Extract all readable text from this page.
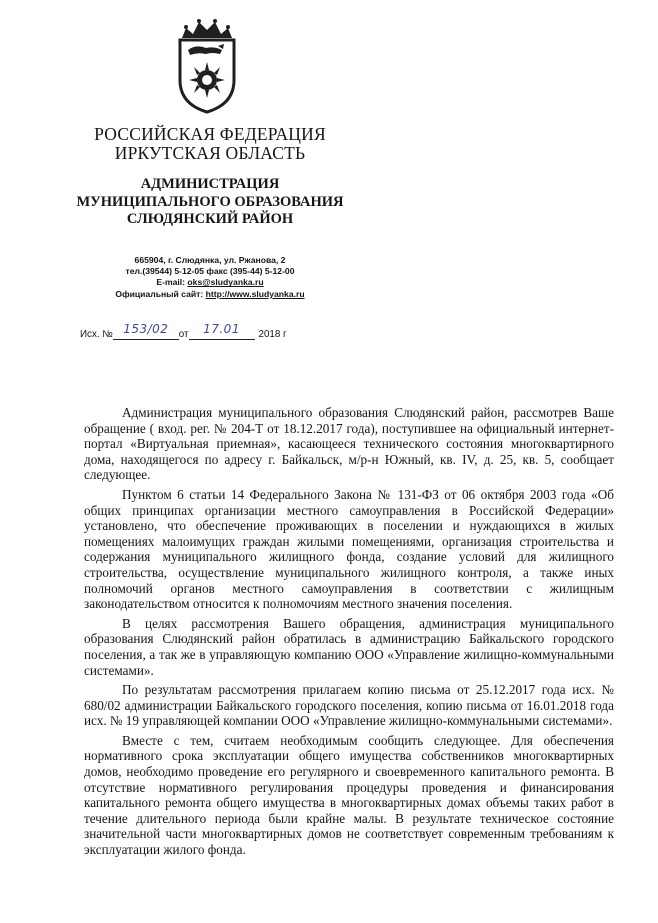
РОССИЙСКАЯ ФЕДЕРАЦИЯ
ИРКУТСКАЯ ОБЛАСТЬ
АДМИНИСТРАЦИЯ
МУНИЦИПАЛЬНОГО ОБРАЗОВАНИЯ
СЛЮДЯНСКИЙ РАЙОН
665904, г. Слюдянка, ул. Ржанова, 2
тел.(39544) 5-12-05 факс (395-44) 5-12-00
E-mail: oks@sludyanka.ru
Официальный сайт: http://www.sludyanka.ru
Исх. № 153/02	от	17.01	2018 г

Администрация муниципального образования Слюдянский район, рассмотрев Ваше обращение ( вход. рег. № 204-Т от 18.12.2017 года), поступившее на официальный интернет-портал «Виртуальная приемная», касающееся технического состояния многоквартирного дома, находящегося по адресу г. Байкальск, м/р-н Южный, кв. IV, д. 25, кв. 5, сообщает следующее.

Пунктом 6 статьи 14 Федерального Закона № 131-ФЗ от 06 октября 2003 года «Об общих принципах организации местного самоуправления в Российской Федерации» установлено, что обеспечение проживающих в поселении и нуждающихся в жилых помещениях малоимущих граждан жилыми помещениями, организация строительства и содержания муниципального жилищного фонда, создание условий для жилищного строительства, осуществление муниципального жилищного контроля, а также иных полномочий органов местного самоуправления в соответствии с жилищным законодательством относится к полномочиям местного значения поселения.

В целях рассмотрения Вашего обращения, администрация муниципального образования Слюдянский район обратилась в администрацию Байкальского городского поселения, а так же в управляющую компанию ООО «Управление жилищно-коммунальными системами».

По результатам рассмотрения прилагаем копию письма от 25.12.2017 года исх. № 680/02 администрации Байкальского городского поселения, копию письма от 16.01.2018 года исх. № 19 управляющей компании ООО «Управление жилищно-коммунальными системами».

Вместе с тем, считаем необходимым сообщить следующее. Для обеспечения нормативного срока эксплуатации общего имущества собственников многоквартирных домов, необходимо проведение его регулярного и своевременного капитального ремонта. В отсутствие нормативного регулирования процедуры проведения и финансирования капитального ремонта общего имущества в многоквартирных домах объемы таких работ в течение длительного периода были крайне малы. В результате техническое состояние значительной части многоквартирных домов не соответствует современным требованиям к эксплуатации жилого фонда.
